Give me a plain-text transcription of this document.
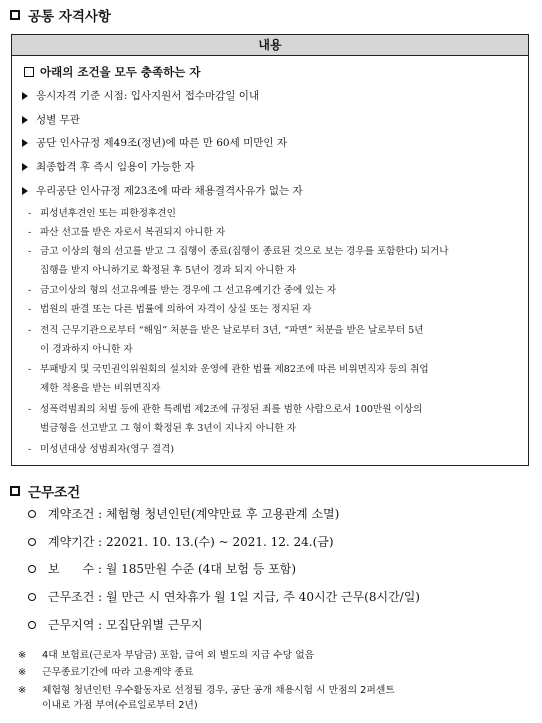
공통 자격사항
내용
아래의 조건을 모두 충족하는 자
응시자격 기준 시점: 입사지원서 접수마감일 이내
성별 무관
공단 인사규정 제49조(정년)에 따른 만 60세 미만인 자
최종합격 후 즉시 임용이 가능한 자
우리공단 인사규정 제23조에 따라 채용결격사유가 없는 자
- 피성년후견인 또는 피한정후견인
- 파산 선고를 받은 자로서 복권되지 아니한 자
- 금고 이상의 형의 선고를 받고 그 집행이 종료(집행이 종료된 것으로 보는 경우를 포함한다) 되거나
집행을 받지 아니하기로 확정된 후 5년이 경과 되지 아니한 자
- 금고이상의 형의 선고유예를 받는 경우에 그 선고유예기간 중에 있는 자
- 법원의 판결 또는 다른 법률에 의하여 자격이 상실 또는 정지된 자
- 전직 근무기관으로부터 “해임” 처분을 받은 날로부터 3년, “파면” 처분을 받은 날로부터 5년
이 경과하지 아니한 자
- 부패방지 및 국민권익위원회의 설치와 운영에 관한 법률 제82조에 따른 비위면직자 등의 취업
제한 적용을 받는 비위면직자
- 성폭력범죄의 처벌 등에 관한 특례법 제2조에 규정된 죄를 범한 사람으로서 100만원 이상의
벌금형을 선고받고 그 형이 확정된 후 3년이 지나지 아니한 자
- 미성년대상 성범죄자(영구 결격)
근무조건
계약조건 : 체험형 청년인턴(계약만료 후 고용관계 소멸)
계약기간 : 22021. 10. 13.(수) ~ 2021. 12. 24.(금)
보      수 : 월 185만원 수준 (4대 보험 등 포함)
근무조건 : 월 만근 시 연차휴가 월 1일 지급, 주 40시간 근무(8시간/일)
근무지역 : 모집단위별 근무지
※ 4대 보험료(근로자 부담금) 포함, 급여 외 별도의 지급 수당 없음
※ 근무종료기간에 따라 고용계약 종료
※ 체험형 청년인턴 우수활동자로 선정될 경우, 공단 공개 채용시험 시 만점의 2퍼센트
이내로 가점 부여(수료일로부터 2년)
